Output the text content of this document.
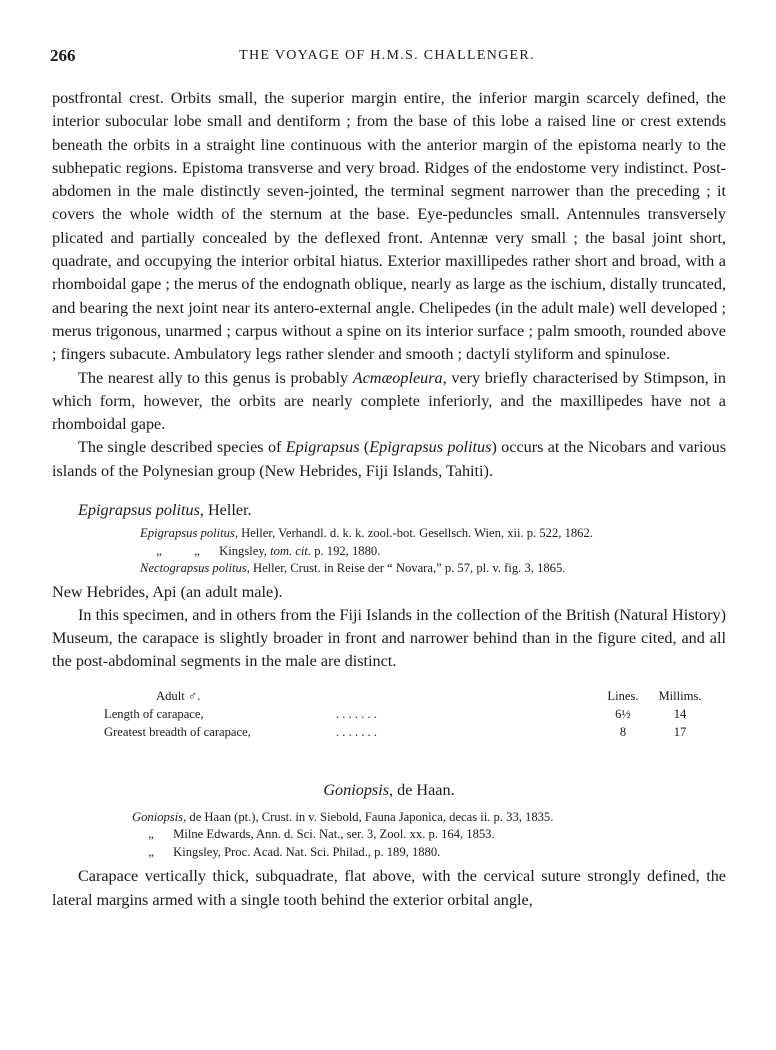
266	THE VOYAGE OF H.M.S. CHALLENGER.

postfrontal crest. Orbits small, the superior margin entire, the inferior margin scarcely defined, the interior subocular lobe small and dentiform ; from the base of this lobe a raised line or crest extends beneath the orbits in a straight line continuous with the anterior margin of the epistoma nearly to the subhepatic regions. Epistoma transverse and very broad. Ridges of the endostome very indistinct. Post-abdomen in the male distinctly seven-jointed, the terminal segment narrower than the preceding ; it covers the whole width of the sternum at the base. Eye-peduncles small. Antennules transversely plicated and partially concealed by the deflexed front. Antennæ very small ; the basal joint short, quadrate, and occupying the interior orbital hiatus. Exterior maxillipedes rather short and broad, with a rhomboidal gape ; the merus of the endognath oblique, nearly as large as the ischium, distally truncated, and bearing the next joint near its antero-external angle. Chelipedes (in the adult male) well developed ; merus trigonous, unarmed ; carpus without a spine on its interior surface ; palm smooth, rounded above ; fingers subacute. Ambulatory legs rather slender and smooth ; dactyli styliform and spinulose.

The nearest ally to this genus is probably Acmæopleura, very briefly characterised by Stimpson, in which form, however, the orbits are nearly complete inferiorly, and the maxillipedes have not a rhomboidal gape.

The single described species of Epigrapsus (Epigrapsus politus) occurs at the Nicobars and various islands of the Polynesian group (New Hebrides, Fiji Islands, Tahiti).

Epigrapsus politus, Heller.
Epigrapsus politus, Heller, Verhandl. d. k. k. zool.-bot. Gesellsch. Wien, xii. p. 522, 1862.
„	„ Kingsley, tom. cit. p. 192, 1880.
Nectograpsus politus, Heller, Crust. in Reise der “ Novara,” p. 57, pl. v. fig. 3, 1865.

New Hebrides, Api (an adult male).

In this specimen, and in others from the Fiji Islands in the collection of the British (Natural History) Museum, the carapace is slightly broader in front and narrower behind than in the figure cited, and all the post-abdominal segments in the male are distinct.

Adult ♂.		Lines.	Millims.
Length of carapace,	. . . . . . .	6½	14
Greatest breadth of carapace,	. . . . . . .	8	17
Goniopsis, de Haan.
Goniopsis, de Haan (pt.), Crust. in v. Siebold, Fauna Japonica, decas ii. p. 33, 1835.
„ Milne Edwards, Ann. d. Sci. Nat., ser. 3, Zool. xx. p. 164, 1853.
„ Kingsley, Proc. Acad. Nat. Sci. Philad., p. 189, 1880.

Carapace vertically thick, subquadrate, flat above, with the cervical suture strongly defined, the lateral margins armed with a single tooth behind the exterior orbital angle,
